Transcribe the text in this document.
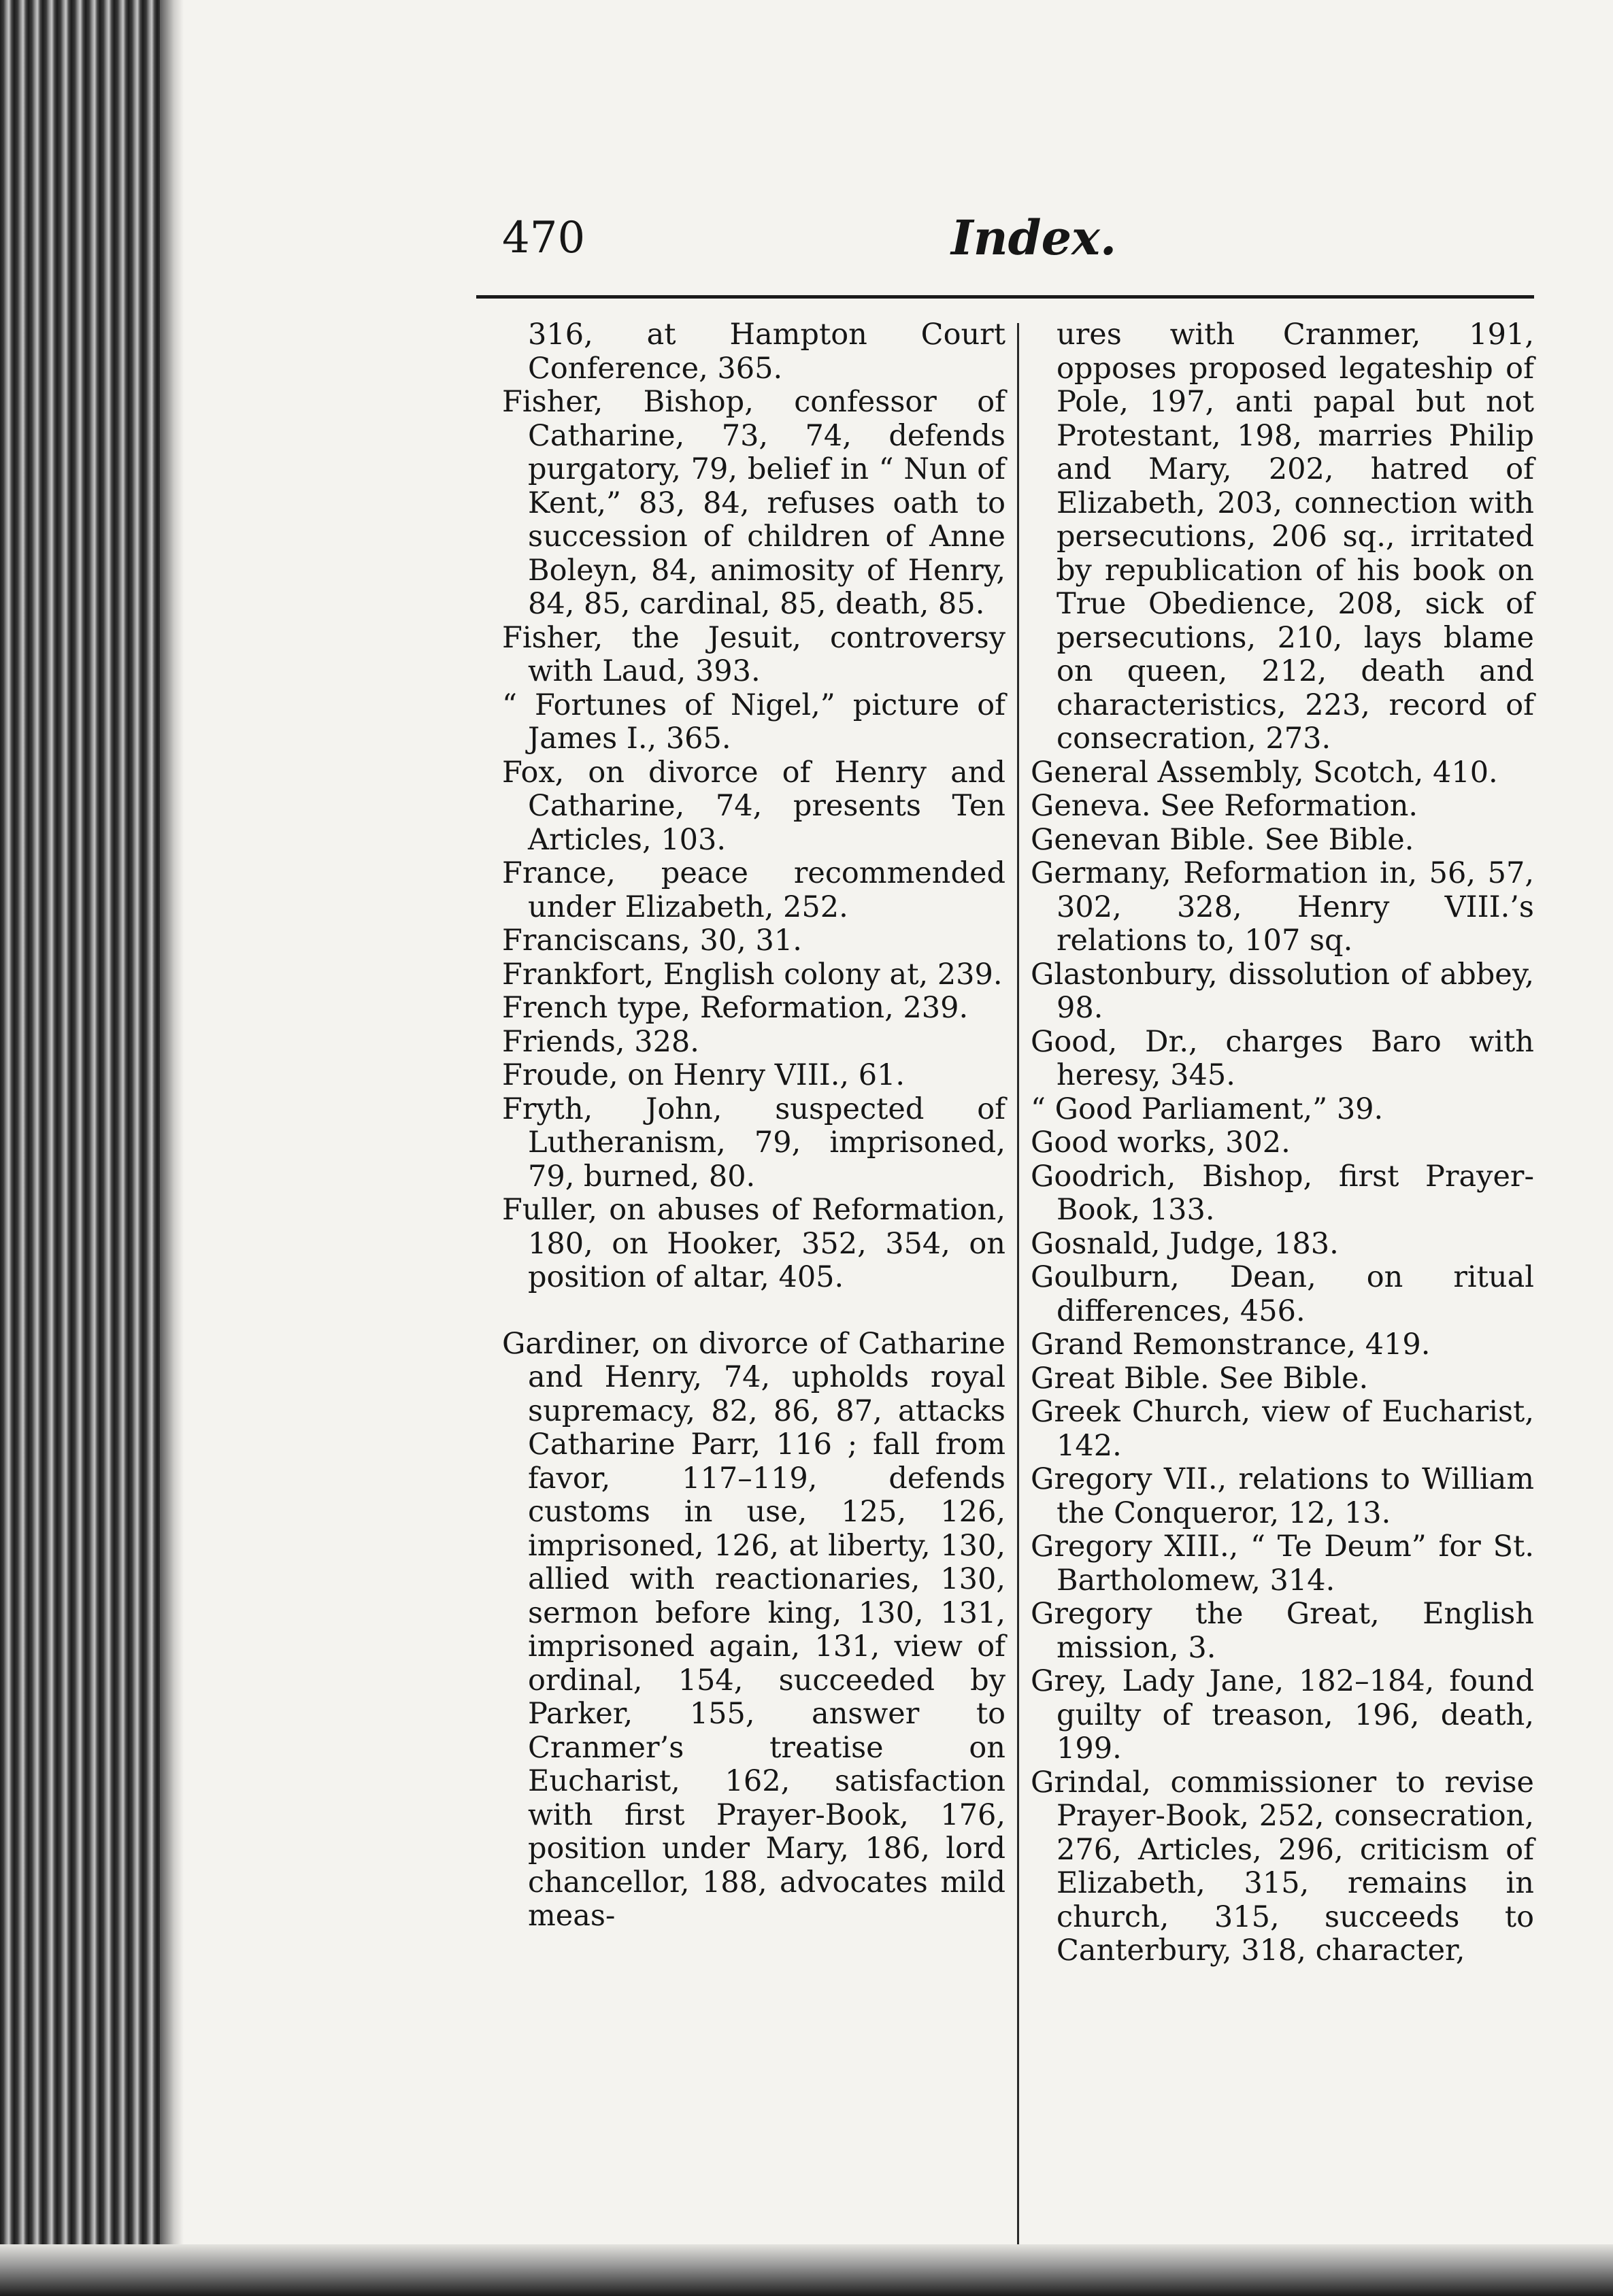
470	Index.

316, at Hampton Court Conference, 365.

Fisher, Bishop, confessor of Catharine, 73, 74, defends purgatory, 79, belief in “ Nun of Kent,” 83, 84, refuses oath to succession of children of Anne Boleyn, 84, animosity of Henry, 84, 85, cardinal, 85, death, 85.

Fisher, the Jesuit, controversy with Laud, 393.

“ Fortunes of Nigel,” picture of James I., 365.

Fox, on divorce of Henry and Catharine, 74, presents Ten Articles, 103.

France, peace recommended under Elizabeth, 252.

Franciscans, 30, 31.

Frankfort, English colony at, 239.

French type, Reformation, 239.

Friends, 328.

Froude, on Henry VIII., 61.

Fryth, John, suspected of Lutheranism, 79, imprisoned, 79, burned, 80.

Fuller, on abuses of Reformation, 180, on Hooker, 352, 354, on position of altar, 405.

Gardiner, on divorce of Catharine and Henry, 74, upholds royal supremacy, 82, 86, 87, attacks Catharine Parr, 116 ; fall from favor, 117–119, defends customs in use, 125, 126, imprisoned, 126, at liberty, 130, allied with reactionaries, 130, sermon before king, 130, 131, imprisoned again, 131, view of ordinal, 154, succeeded by Parker, 155, answer to Cranmer’s treatise on Eucharist, 162, satisfaction with first Prayer-Book, 176, position under Mary, 186, lord chancellor, 188, advocates mild meas-

ures with Cranmer, 191, opposes proposed legateship of Pole, 197, anti papal but not Protestant, 198, marries Philip and Mary, 202, hatred of Elizabeth, 203, connection with persecutions, 206 sq., irritated by republication of his book on True Obedience, 208, sick of persecutions, 210, lays blame on queen, 212, death and characteristics, 223, record of consecration, 273.

General Assembly, Scotch, 410.

Geneva. See Reformation.

Genevan Bible. See Bible.

Germany, Reformation in, 56, 57, 302, 328, Henry VIII.’s relations to, 107 sq.

Glastonbury, dissolution of abbey, 98.

Good, Dr., charges Baro with heresy, 345.

“ Good Parliament,” 39.

Good works, 302.

Goodrich, Bishop, first Prayer-Book, 133.

Gosnald, Judge, 183.

Goulburn, Dean, on ritual differences, 456.

Grand Remonstrance, 419.

Great Bible. See Bible.

Greek Church, view of Eucharist, 142.

Gregory VII., relations to William the Conqueror, 12, 13.

Gregory XIII., “ Te Deum” for St. Bartholomew, 314.

Gregory the Great, English mission, 3.

Grey, Lady Jane, 182–184, found guilty of treason, 196, death, 199.

Grindal, commissioner to revise Prayer-Book, 252, consecration, 276, Articles, 296, criticism of Elizabeth, 315, remains in church, 315, succeeds to Canterbury, 318, character,
